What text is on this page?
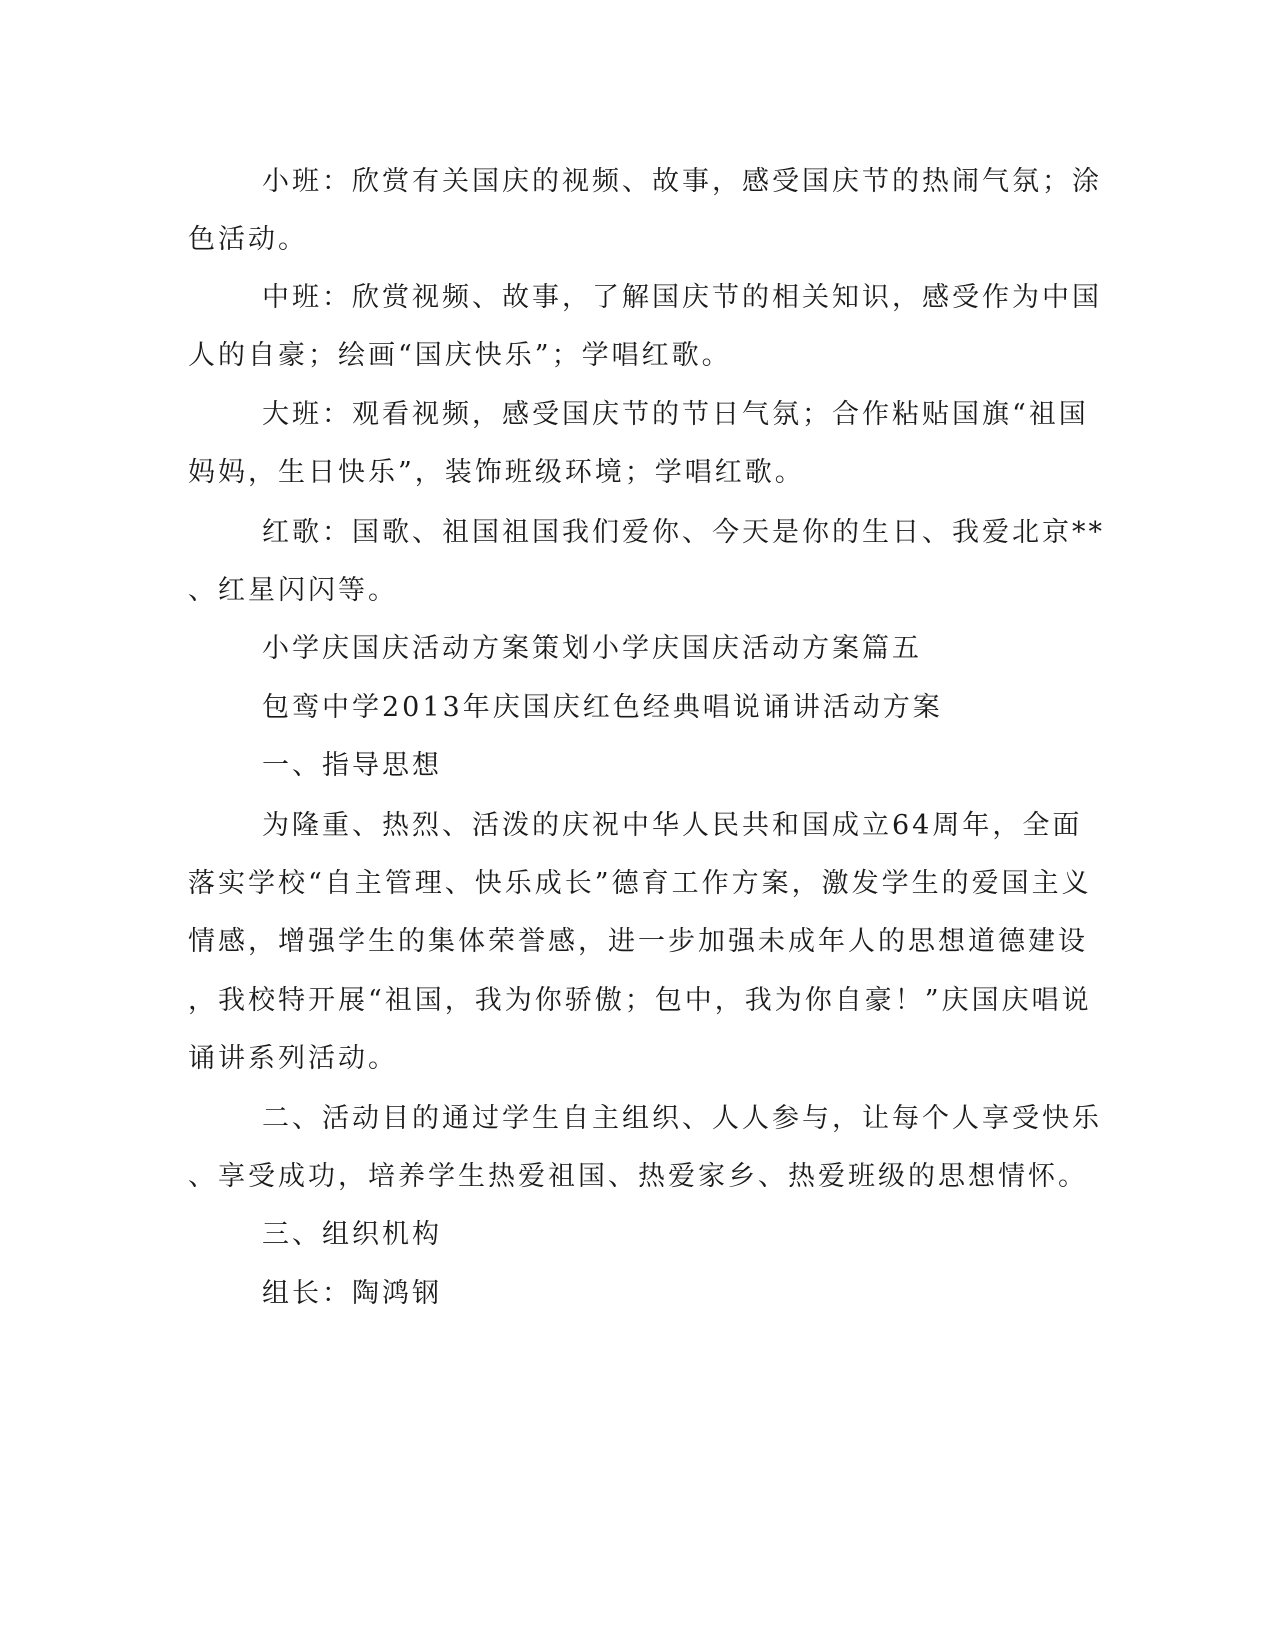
小班：欣赏有关国庆的视频、故事，感受国庆节的热闹气氛；涂
色活动。
中班：欣赏视频、故事，了解国庆节的相关知识，感受作为中国
人的自豪；绘画“国庆快乐”；学唱红歌。
大班：观看视频，感受国庆节的节日气氛；合作粘贴国旗“祖国
妈妈，生日快乐”，装饰班级环境；学唱红歌。
红歌：国歌、祖国祖国我们爱你、今天是你的生日、我爱北京**
、红星闪闪等。
小学庆国庆活动方案策划小学庆国庆活动方案篇五
包鸾中学2013年庆国庆红色经典唱说诵讲活动方案
一、指导思想
为隆重、热烈、活泼的庆祝中华人民共和国成立64周年，全面
落实学校“自主管理、快乐成长”德育工作方案，激发学生的爱国主义
情感，增强学生的集体荣誉感，进一步加强未成年人的思想道德建设
，我校特开展“祖国，我为你骄傲；包中，我为你自豪！”庆国庆唱说
诵讲系列活动。
二、活动目的通过学生自主组织、人人参与，让每个人享受快乐
、享受成功，培养学生热爱祖国、热爱家乡、热爱班级的思想情怀。
三、组织机构
组长：陶鸿钢
